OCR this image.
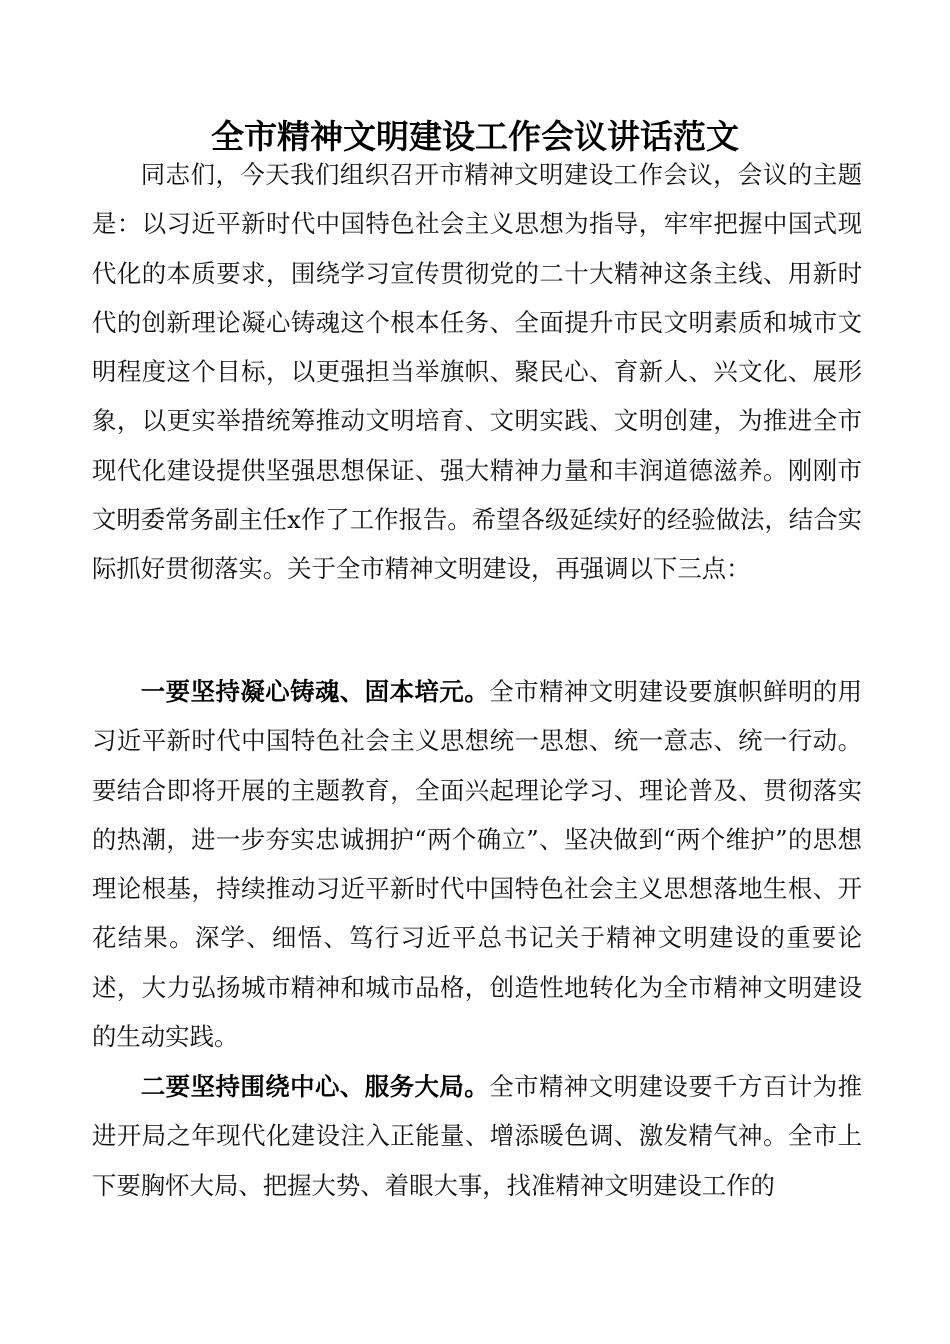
全市精神文明建设工作会议讲话范文

同志们，今天我们组织召开市精神文明建设工作会议，会议的主题是：以习近平新时代中国特色社会主义思想为指导，牢牢把握中国式现代化的本质要求，围绕学习宣传贯彻党的二十大精神这条主线、用新时代的创新理论凝心铸魂这个根本任务、全面提升市民文明素质和城市文明程度这个目标，以更强担当举旗帜、聚民心、育新人、兴文化、展形象，以更实举措统筹推动文明培育、文明实践、文明创建，为推进全市现代化建设提供坚强思想保证、强大精神力量和丰润道德滋养。刚刚市文明委常务副主任x作了工作报告。希望各级延续好的经验做法，结合实际抓好贯彻落实。关于全市精神文明建设，再强调以下三点：

一要坚持凝心铸魂、固本培元。全市精神文明建设要旗帜鲜明的用习近平新时代中国特色社会主义思想统一思想、统一意志、统一行动。要结合即将开展的主题教育，全面兴起理论学习、理论普及、贯彻落实的热潮，进一步夯实忠诚拥护“两个确立”、坚决做到“两个维护”的思想理论根基，持续推动习近平新时代中国特色社会主义思想落地生根、开花结果。深学、细悟、笃行习近平总书记关于精神文明建设的重要论述，大力弘扬城市精神和城市品格，创造性地转化为全市精神文明建设的生动实践。

二要坚持围绕中心、服务大局。全市精神文明建设要千方百计为推进开局之年现代化建设注入正能量、增添暖色调、激发精气神。全市上下要胸怀大局、把握大势、着眼大事，找准精神文明建设工作的
